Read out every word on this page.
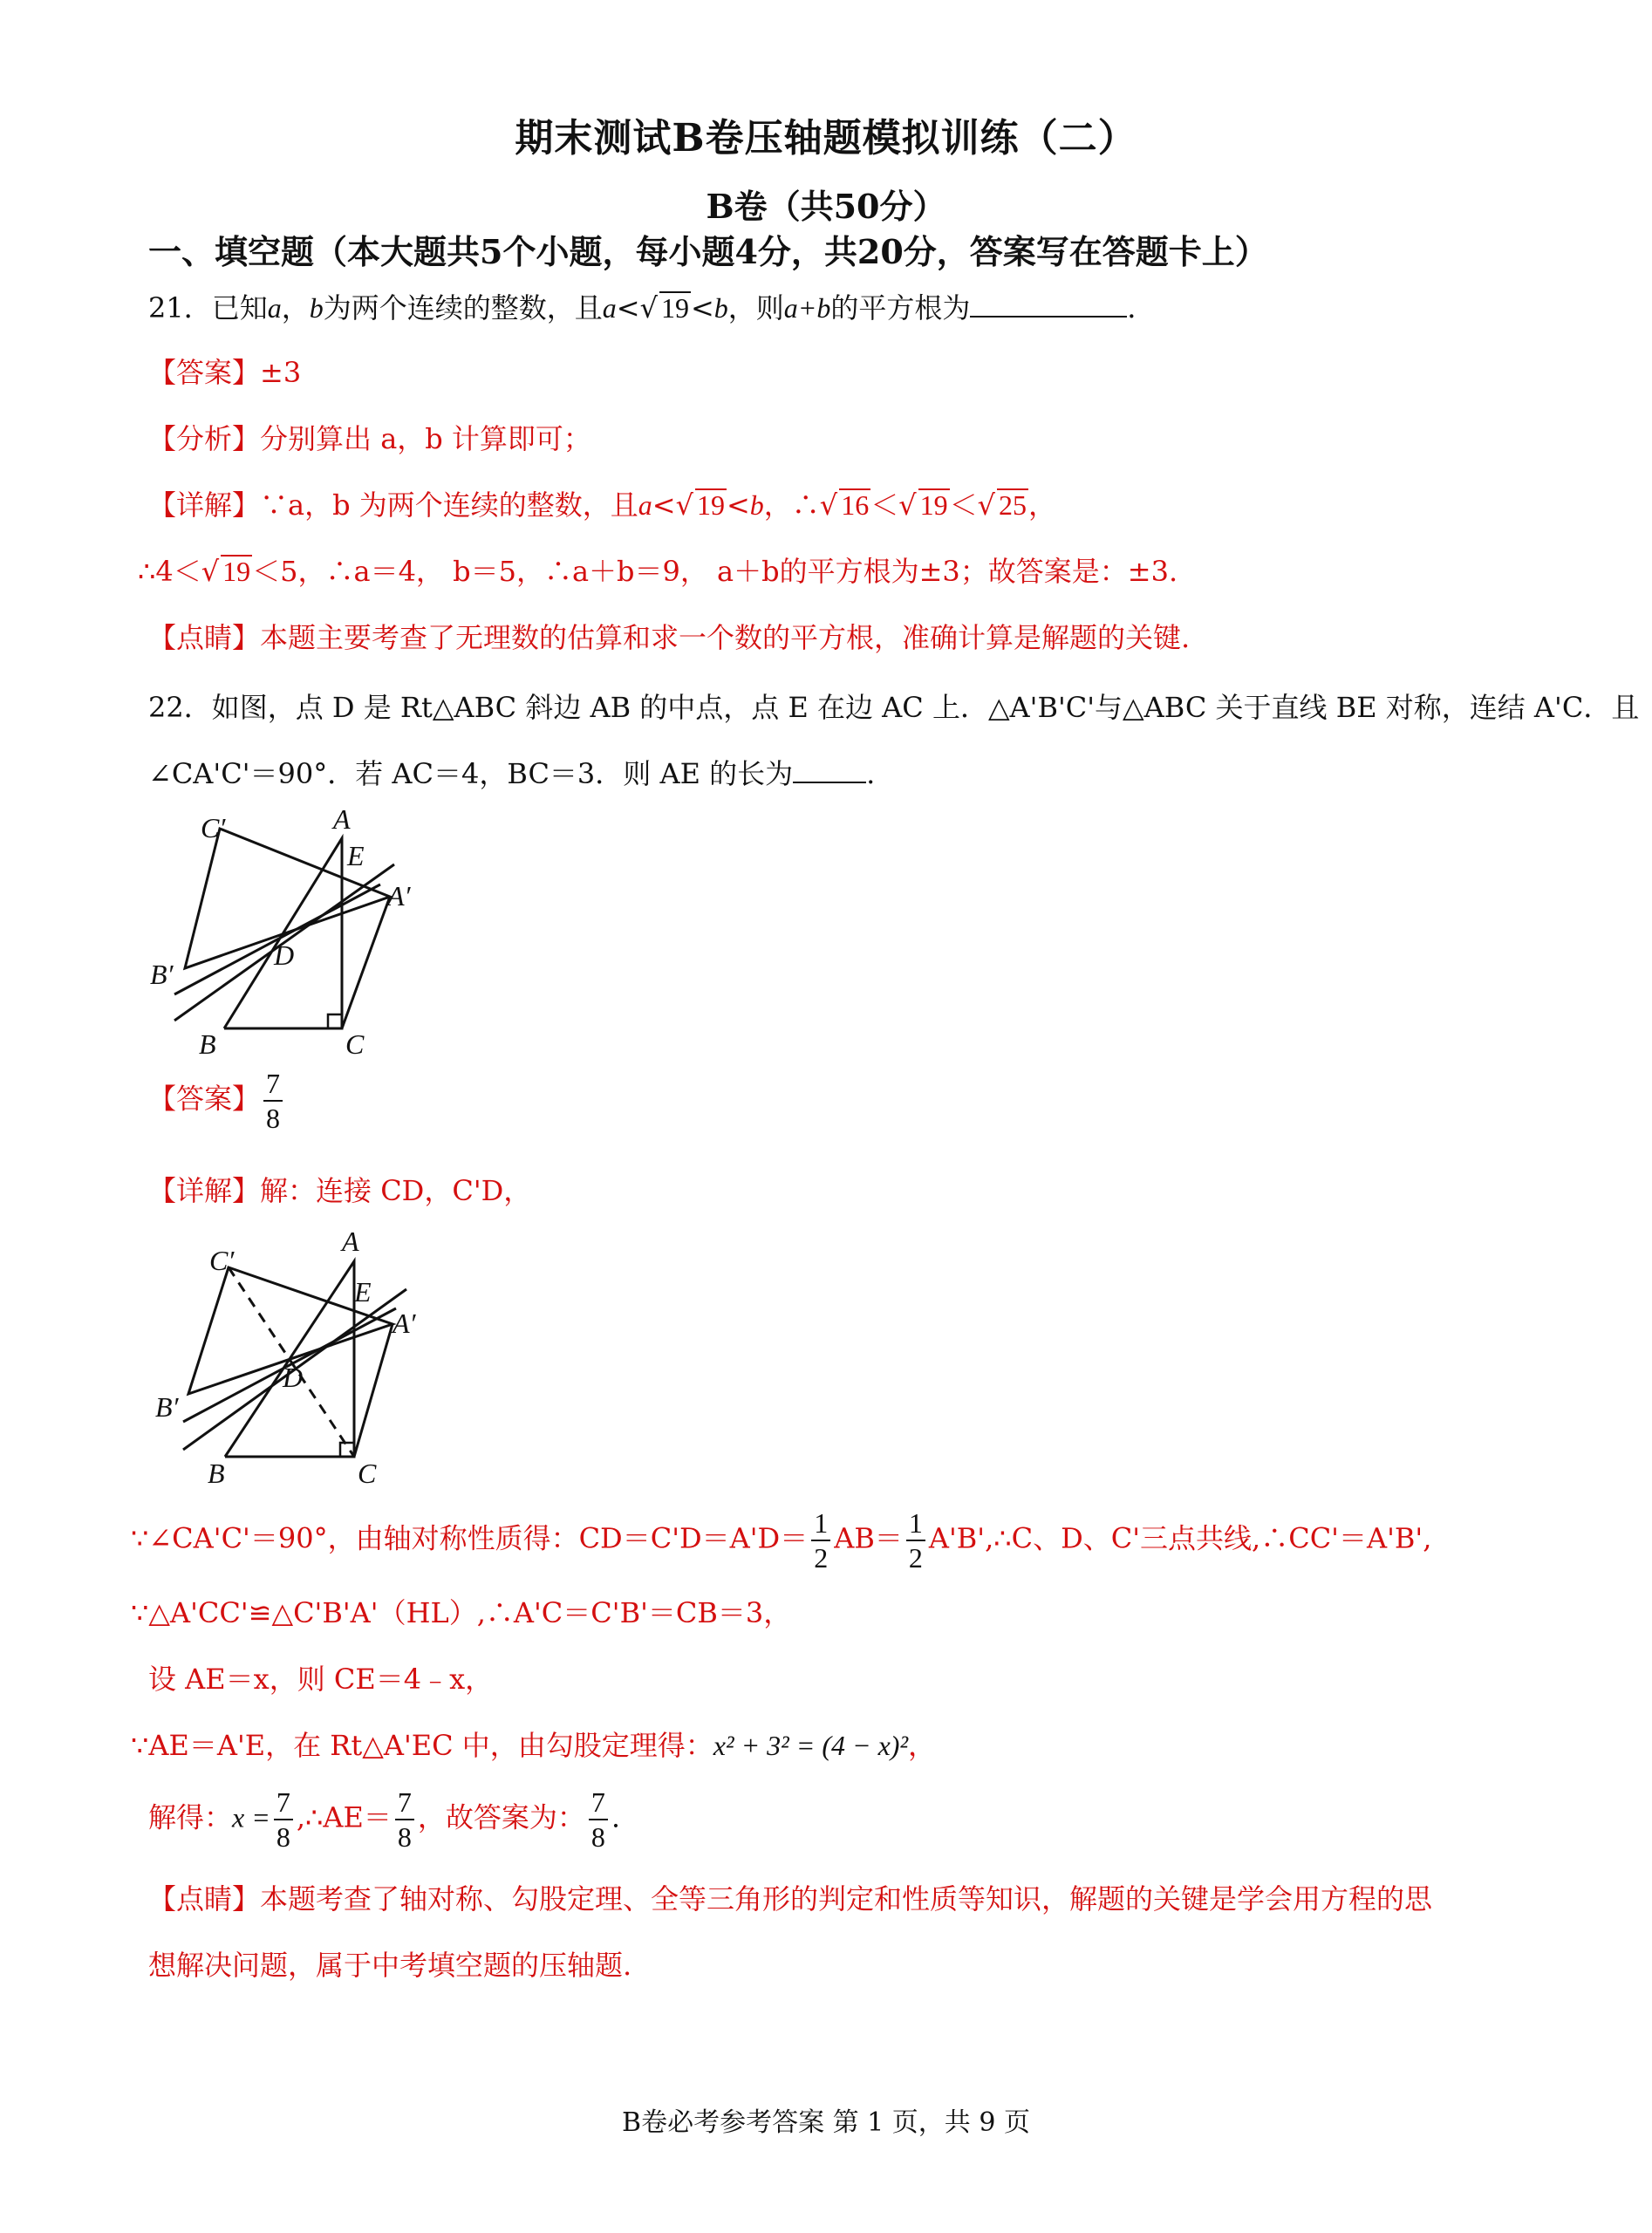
期末测试B卷压轴题模拟训练（二）
B卷（共50分）
一、填空题（本大题共5个小题，每小题4分，共20分，答案写在答题卡上）
21．已知a，b为两个连续的整数，且a<√ 19<b，则a+b的平方根为	．
【答案】±3
【分析】分别算出 a，b 计算即可；
【详解】∵a，b 为两个连续的整数，且a<√ 19<b，∴√ 16＜√ 19＜√ 25，
∴4＜√ 19＜5，∴a＝4， b＝5，∴a＋b＝9， a＋b的平方根为±3；故答案是：±3.
【点睛】本题主要考查了无理数的估算和求一个数的平方根，准确计算是解题的关键.
22．如图，点 D 是 Rt△ABC 斜边 AB 的中点，点 E 在边 AC 上．△A'B'C'与△ABC 关于直线 BE 对称，连结 A'C．且
∠CA'C'＝90°．若 AC＝4，BC＝3．则 AE 的长为	.
C′	A
E
A′
D
B′
B	C
【答案】 $\frac{7}{8}$
【详解】解：连接 CD，C'D，
C′
A
E
A′
D
B′
B	C
∵∠CA'C'＝90°，由轴对称性质得：$CD=C'D=A'D= \frac{1}{2} AB= \frac{1}{2}$ A'B',∴C、D、C'三点共线,∴CC'＝A'B',
∵△A'CC'≌△C'B'A'（HL）,∴A'C＝C'B'＝CB＝3，
设 AE＝x，则 CE＝4﹣x，
∵AE＝A'E，在 Rt△A'EC 中，由勾股定理得：x² + 3² = (4 − x)²，
解得：$x = \frac{7}{8}$ ,∴AE＝ $\frac{7}{8}$ ，故答案为： $\frac{7}{8}$ .
【点睛】本题考查了轴对称、勾股定理、全等三角形的判定和性质等知识，解题的关键是学会用方程的思
想解决问题，属于中考填空题的压轴题.
B卷必考参考答案 第 1 页，共 9 页
